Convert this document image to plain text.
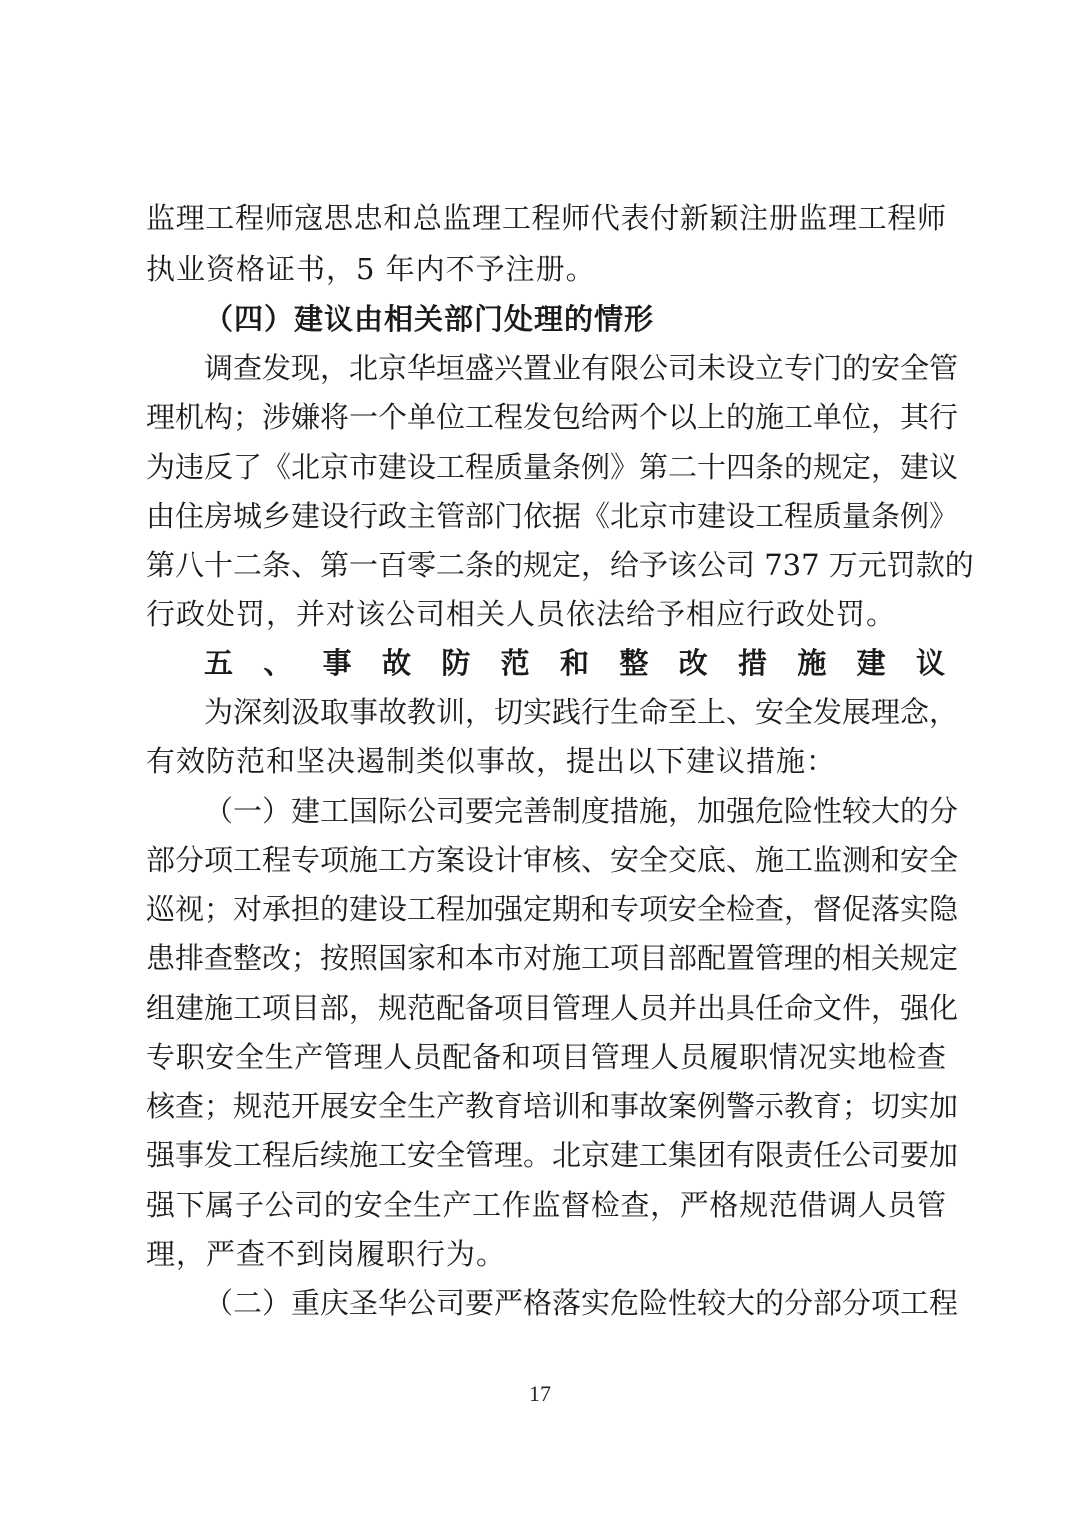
监理工程师寇思忠和总监理工程师代表付新颖注册监理工程师
执业资格证书，5 年内不予注册。
（四）建议由相关部门处理的情形
调查发现，北京华垣盛兴置业有限公司未设立专门的安全管
理机构；涉嫌将一个单位工程发包给两个以上的施工单位，其行
为违反了《北京市建设工程质量条例》第二十四条的规定，建议
由住房城乡建设行政主管部门依据《北京市建设工程质量条例》
第八十二条、第一百零二条的规定，给予该公司 737 万元罚款的
行政处罚，并对该公司相关人员依法给予相应行政处罚。
五、事故防范和整改措施建议
为深刻汲取事故教训，切实践行生命至上、安全发展理念，
有效防范和坚决遏制类似事故，提出以下建议措施：
（一）建工国际公司要完善制度措施，加强危险性较大的分
部分项工程专项施工方案设计审核、安全交底、施工监测和安全
巡视；对承担的建设工程加强定期和专项安全检查，督促落实隐
患排查整改；按照国家和本市对施工项目部配置管理的相关规定
组建施工项目部，规范配备项目管理人员并出具任命文件，强化
专职安全生产管理人员配备和项目管理人员履职情况实地检查
核查；规范开展安全生产教育培训和事故案例警示教育；切实加
强事发工程后续施工安全管理。北京建工集团有限责任公司要加
强下属子公司的安全生产工作监督检查，严格规范借调人员管
理，严查不到岗履职行为。
（二）重庆圣华公司要严格落实危险性较大的分部分项工程
17
